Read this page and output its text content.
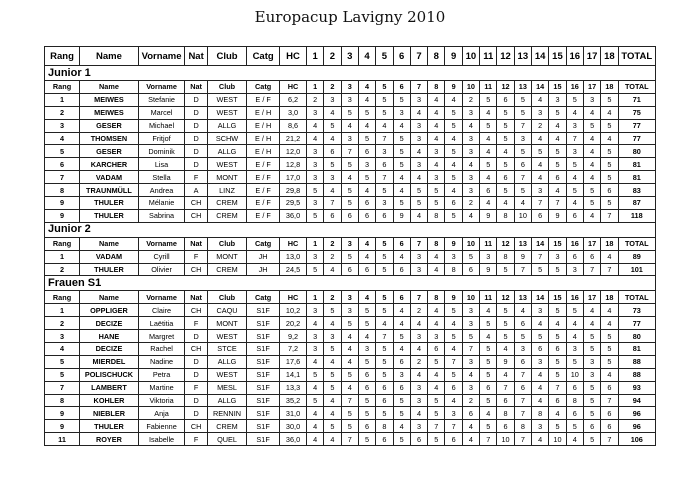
Europacup Lavigny 2010
Rang	Name	Vorname	Nat	Club	Catg	HC	1	2	3	4	5	6	7	8	9	10	11	12	13	14	15	16	17	18	TOTAL
Junior 1																									
Rang	Name	Vorname	Nat	Club	Catg	HC	1	2	3	4	5	6	7	8	9	10	11	12	13	14	15	16	17	18	TOTAL
1	MEIWES	Stefanie	D	WEST	E / F	6,2	2	3	3	4	5	5	3	4	4	2	5	6	5	4	3	5	3	5	71
2	MEIWES	Marcel	D	WEST	E / H	3,0	3	4	5	5	5	3	4	4	5	3	4	5	5	3	5	4	4	4	75
3	GESER	Michael	D	ALLG	E / H	8,6	4	5	4	4	4	4	3	4	5	4	5	5	7	2	4	3	5	5	77
4	THOMSEN	Fritjof	D	SCHW	E / H	21,2	4	4	3	5	7	5	3	4	4	3	4	5	3	4	4	7	4	4	77
5	GESER	Dominik	D	ALLG	E / H	12,0	3	6	7	6	3	5	4	3	5	3	4	4	5	5	5	3	4	5	80
6	KARCHER	Lisa	D	WEST	E / F	12,8	3	5	5	3	6	5	3	4	4	4	5	5	6	4	5	5	4	5	81
7	VADAM	Stella	F	MONT	E / F	17,0	3	3	4	5	7	4	4	3	5	3	4	6	7	4	6	4	4	5	81
8	TRAUNMÜLL	Andrea	A	LINZ	E / F	29,8	5	4	5	4	5	4	5	5	4	3	6	5	5	3	4	5	5	6	83
9	THULER	Mélanie	CH	CREM	E / F	29,5	3	7	5	6	3	5	5	5	6	2	4	4	4	7	7	4	5	5	87
9	THULER	Sabrina	CH	CREM	E / F	36,0	5	6	6	6	6	9	4	8	5	4	9	8	10	6	9	6	4	7	118
Junior 2																									
Rang	Name	Vorname	Nat	Club	Catg	HC	1	2	3	4	5	6	7	8	9	10	11	12	13	14	15	16	17	18	TOTAL
1	VADAM	Cyrill	F	MONT	JH	13,0	3	2	5	4	5	4	3	4	3	5	3	8	9	7	3	6	6	4	89
2	THULER	Olivier	CH	CREM	JH	24,5	5	4	6	6	5	6	3	4	8	6	9	5	7	5	5	3	7	7	101
Frauen S1																									
Rang	Name	Vorname	Nat	Club	Catg	HC	1	2	3	4	5	6	7	8	9	10	11	12	13	14	15	16	17	18	TOTAL
1	OPPLIGER	Claire	CH	CAQU	S1F	10,2	3	5	3	5	5	4	2	4	5	3	4	5	4	3	5	5	4	4	73
2	DECIZE	Laëtitia	F	MONT	S1F	20,2	4	4	5	5	4	4	4	4	4	3	5	5	6	4	4	4	4	4	77
3	HANE	Margret	D	WEST	S1F	9,2	3	3	4	4	7	5	3	3	5	5	4	5	5	5	5	4	5	5	80
4	DECIZE	Rachel	CH	STCE	S1F	7,2	3	5	4	3	5	4	4	6	4	7	5	4	3	6	6	3	5	5	81
5	MIERDEL	Nadine	D	ALLG	S1F	17,6	4	4	4	5	5	6	2	5	7	3	5	9	6	3	5	5	3	5	88
5	POLISCHUCK	Petra	D	WEST	S1F	14,1	5	5	5	6	5	3	4	4	5	4	5	4	7	4	5	10	3	4	88
7	LAMBERT	Martine	F	MESL	S1F	13,3	4	5	4	6	6	6	3	4	6	3	6	7	6	4	7	6	5	6	93
8	KOHLER	Viktoria	D	ALLG	S1F	35,2	5	4	7	5	6	5	3	5	4	2	5	6	7	4	6	8	5	7	94
9	NIEBLER	Anja	D	RENNIN	S1F	31,0	4	4	5	5	5	5	4	5	3	6	4	8	7	8	4	6	5	6	96
9	THULER	Fabienne	CH	CREM	S1F	30,0	4	5	5	6	8	4	3	7	7	4	5	6	8	3	5	5	6	6	96
11	ROYER	Isabelle	F	QUEL	S1F	36,0	4	4	7	5	6	5	6	5	6	4	7	10	7	4	10	4	5	7	106
